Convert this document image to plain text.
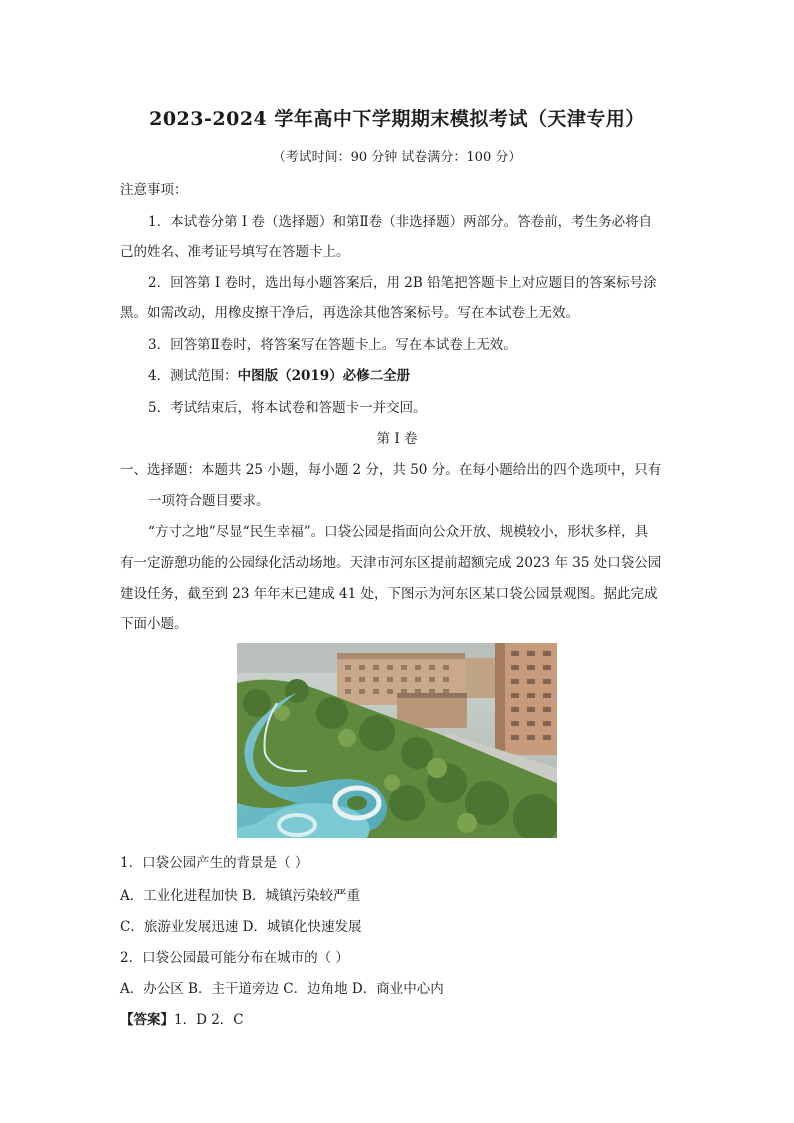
2023-2024 学年高中下学期期末模拟考试（天津专用）
（考试时间：90 分钟 试卷满分：100 分）
注意事项：
1．本试卷分第 I 卷（选择题）和第Ⅱ卷（非选择题）两部分。答卷前，考生务必将自
己的姓名、准考证号填写在答题卡上。
2．回答第 I 卷时，选出每小题答案后，用 2B 铅笔把答题卡上对应题目的答案标号涂
黑。如需改动，用橡皮擦干净后，再选涂其他答案标号。写在本试卷上无效。
3．回答第Ⅱ卷时，将答案写在答题卡上。写在本试卷上无效。
4．测试范围：中图版（2019）必修二全册
5．考试结束后，将本试卷和答题卡一并交回。
第 I 卷
一、选择题：本题共 25 小题，每小题 2 分，共 50 分。在每小题给出的四个选项中，只有
一项符合题目要求。
“方寸之地”尽显“民生幸福”。口袋公园是指面向公众开放、规模较小，形状多样，具
有一定游憩功能的公园绿化活动场地。天津市河东区提前超额完成 2023 年 35 处口袋公园
建设任务，截至到 23 年年末已建成 41 处，下图示为河东区某口袋公园景观图。据此完成
下面小题。
1．口袋公园产生的背景是（ ）
A．工业化进程加快 B．城镇污染较严重
C．旅游业发展迅速 D．城镇化快速发展
2．口袋公园最可能分布在城市的（ ）
A．办公区 B．主干道旁边 C．边角地 D．商业中心内
【答案】1．D 2．C
